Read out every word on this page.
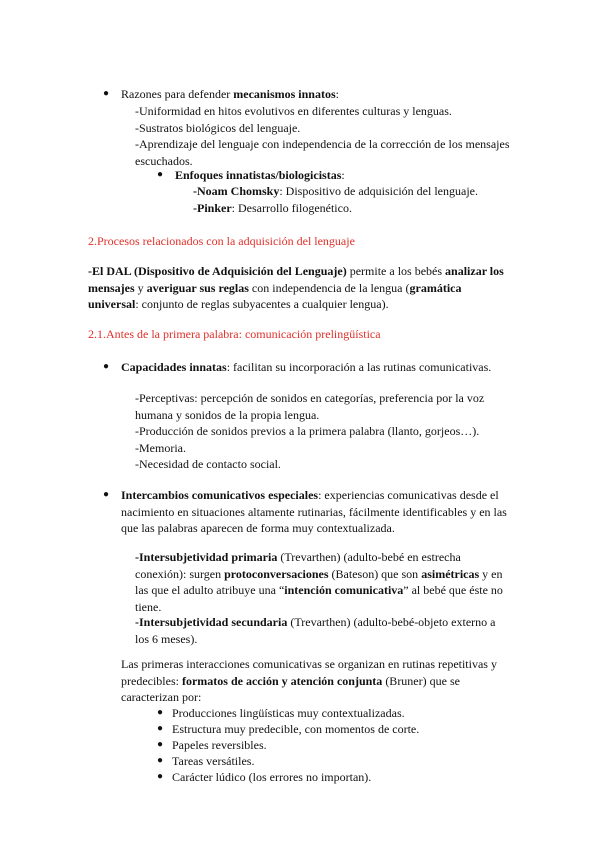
● Razones para defender mecanismos innatos:

-Uniformidad en hitos evolutivos en diferentes culturas y lenguas.

-Sustratos biológicos del lenguaje.

-Aprendizaje del lenguaje con independencia de la corrección de los mensajes escuchados.

● Enfoques innatistas/biologicistas:

-Noam Chomsky: Dispositivo de adquisición del lenguaje.

-Pinker: Desarrollo filogenético.

2.Procesos relacionados con la adquisición del lenguaje
-El DAL (Dispositivo de Adquisición del Lenguaje) permite a los bebés analizar los mensajes y averiguar sus reglas con independencia de la lengua (gramática universal: conjunto de reglas subyacentes a cualquier lengua).
2.1.Antes de la primera palabra: comunicación prelingüística
● Capacidades innatas: facilitan su incorporación a las rutinas comunicativas.

-Perceptivas: percepción de sonidos en categorías, preferencia por la voz humana y sonidos de la propia lengua.

-Producción de sonidos previos a la primera palabra (llanto, gorjeos…).

-Memoria.

-Necesidad de contacto social.

● Intercambios comunicativos especiales: experiencias comunicativas desde el nacimiento en situaciones altamente rutinarias, fácilmente identificables y en las que las palabras aparecen de forma muy contextualizada.
-Intersubjetividad primaria (Trevarthen) (adulto-bebé en estrecha conexión): surgen protoconversaciones (Bateson) que son asimétricas y en las que el adulto atribuye una “intención comunicativa” al bebé que éste no tiene.
-Intersubjetividad secundaria (Trevarthen) (adulto-bebé-objeto externo a los 6 meses).
Las primeras interacciones comunicativas se organizan en rutinas repetitivas y predecibles: formatos de acción y atención conjunta (Bruner) que se caracterizan por:
● Producciones lingüísticas muy contextualizadas.
● Estructura muy predecible, con momentos de corte.
● Papeles reversibles.
● Tareas versátiles.
● Carácter lúdico (los errores no importan).
